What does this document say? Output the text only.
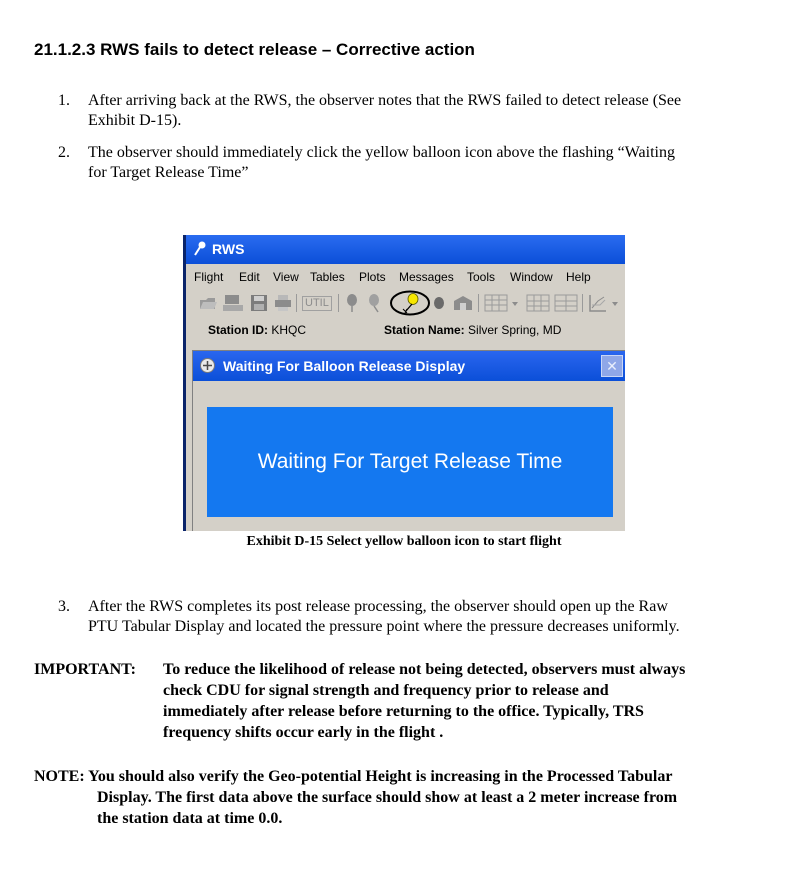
21.1.2.3 RWS fails to detect release – Corrective action
1. After arriving back at the RWS, the observer notes that the RWS failed to detect release (See
Exhibit D-15).
2. The observer should immediately click the yellow balloon icon above the flashing “Waiting
for Target Release Time”
RWS
Flight Edit View Tables Plots Messages Tools Window Help
UTIL
Station ID: KHQC	Station Name: Silver Spring, MD
Waiting For Balloon Release Display	✕
Waiting For Target Release Time
Exhibit D-15 Select yellow balloon icon to start flight
3. After the RWS completes its post release processing, the observer should open up the Raw
PTU Tabular Display and located the pressure point where the pressure decreases uniformly.
IMPORTANT: To reduce the likelihood of release not being detected, observers must always
check CDU for signal strength and frequency prior to release and
immediately after release before returning to the office. Typically, TRS
frequency shifts occur early in the flight .
NOTE: You should also verify the Geo-potential Height is increasing in the Processed Tabular
Display. The first data above the surface should show at least a 2 meter increase from
the station data at time 0.0.
